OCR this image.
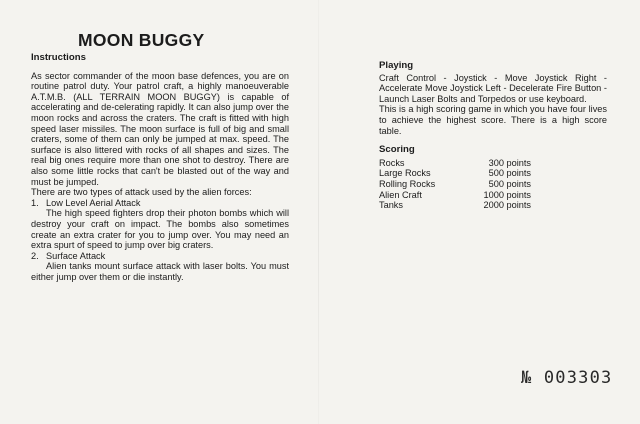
MOON BUGGY

Instructions

As sector commander of the moon base defences, you are on routine patrol duty. Your patrol craft, a highly manoeuverable A.T.M.B. (ALL TERRAIN MOON BUGGY) is capable of accelerating and de-celerating rapidly. It can also jump over the moon rocks and across the craters. The craft is fitted with high speed laser missiles. The moon surface is full of big and small craters, some of them can only be jumped at max. speed. The surface is also littered with rocks of all shapes and sizes. The real big ones require more than one shot to destroy. There are also some little rocks that can't be blasted out of the way and must be jumped.

There are two types of attack used by the alien forces:

1. Low Level Aerial Attack

The high speed fighters drop their photon bombs which will destroy your craft on impact. The bombs also sometimes create an extra crater for you to jump over. You may need an extra spurt of speed to jump over big craters.

2. Surface Attack

Alien tanks mount surface attack with laser bolts. You must either jump over them or die instantly.

Playing

Craft Control - Joystick - Move Joystick Right - Accelerate Move Joystick Left - Decelerate Fire Button - Launch Laser Bolts and Torpedos or use keyboard.

This is a high scoring game in which you have four lives to achieve the highest score. There is a high score table.

Scoring

Rocks	300 points
Large Rocks	500 points
Rolling Rocks	500 points
Alien Craft	1000 points
Tanks	2000 points
№ 003303
